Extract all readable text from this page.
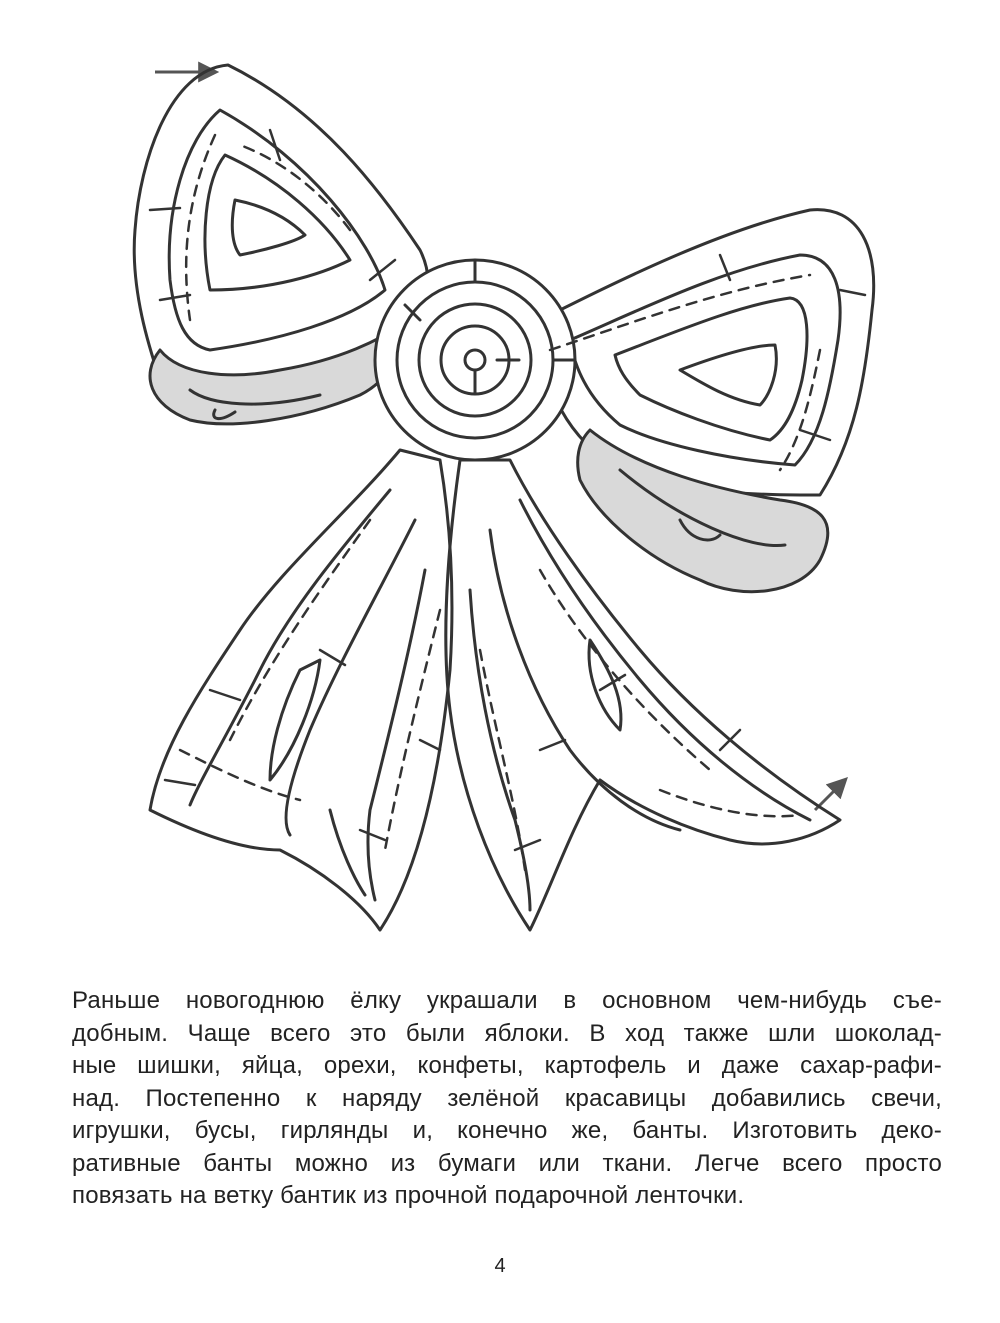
Раньше новогоднюю ёлку украшали в основном чем-нибудь съе-
добным. Чаще всего это были яблоки. В ход также шли шоколад-
ные шишки, яйца, орехи, конфеты, картофель и даже сахар-рафи-
над. Постепенно к наряду зелёной красавицы добавились свечи,
игрушки, бусы, гирлянды и, конечно же, банты. Изготовить деко-
ративные банты можно из бумаги или ткани. Легче всего просто
повязать на ветку бантик из прочной подарочной ленточки.
4
